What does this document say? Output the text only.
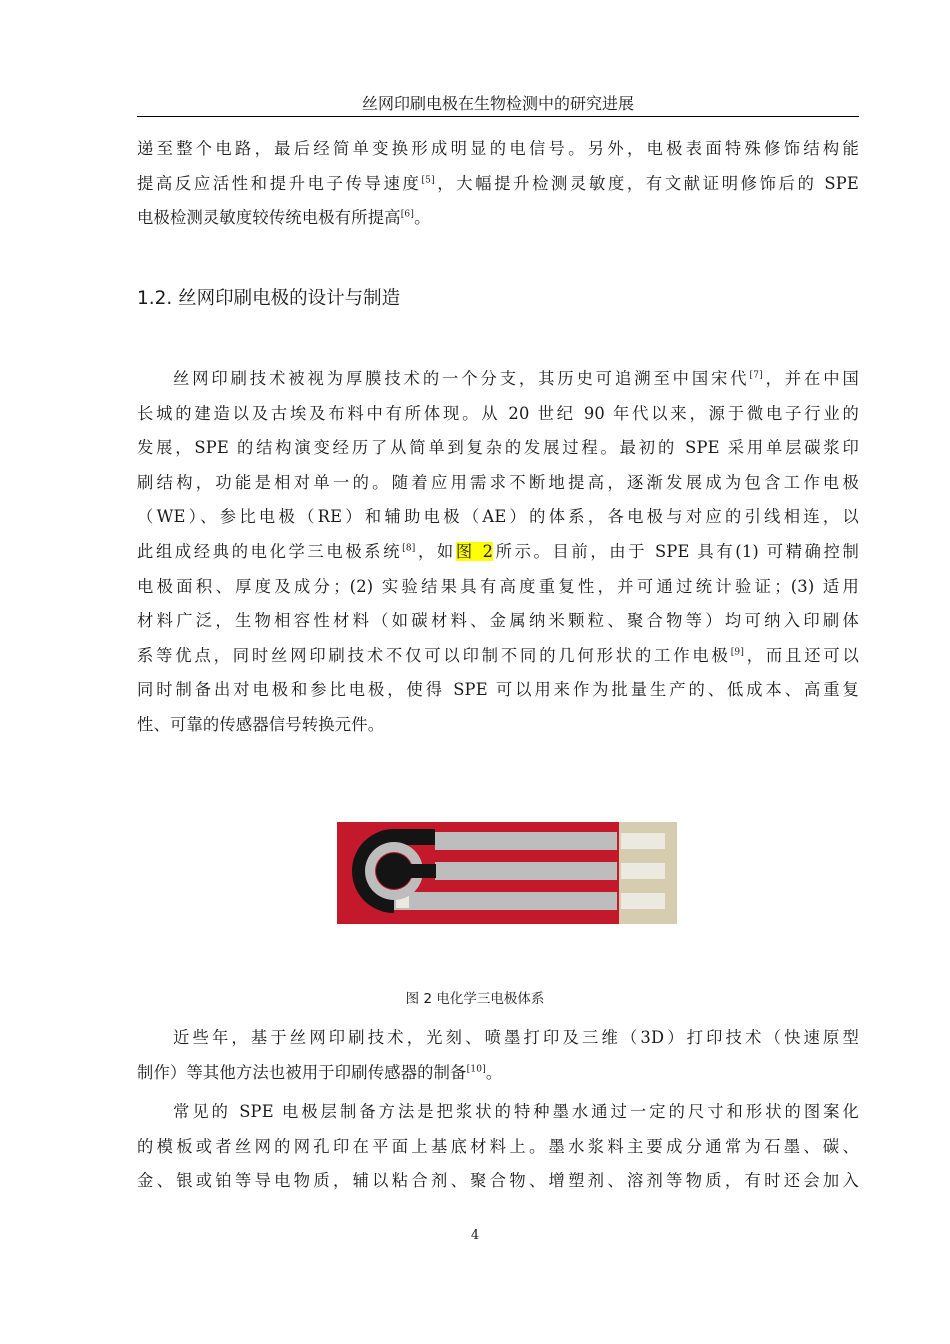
丝网印刷电极在生物检测中的研究进展
递至整个电路，最后经简单变换形成明显的电信号。另外，电极表面特殊修饰结构能
提高反应活性和提升电子传导速度[5]，大幅提升检测灵敏度，有文献证明修饰后的 SPE
电极检测灵敏度较传统电极有所提高[6]。
1.2. 丝网印刷电极的设计与制造
丝网印刷技术被视为厚膜技术的一个分支，其历史可追溯至中国宋代[7]，并在中国
长城的建造以及古埃及布料中有所体现。从 20 世纪 90 年代以来，源于微电子行业的
发展，SPE 的结构演变经历了从简单到复杂的发展过程。最初的 SPE 采用单层碳浆印
刷结构，功能是相对单一的。随着应用需求不断地提高，逐渐发展成为包含工作电极
（WE）、参比电极（RE）和辅助电极（AE）的体系，各电极与对应的引线相连，以
此组成经典的电化学三电极系统[8]，如图 2所示。目前，由于 SPE 具有(1) 可精确控制
电极面积、厚度及成分；(2) 实验结果具有高度重复性，并可通过统计验证；(3) 适用
材料广泛，生物相容性材料（如碳材料、金属纳米颗粒、聚合物等）均可纳入印刷体
系等优点，同时丝网印刷技术不仅可以印制不同的几何形状的工作电极[9]，而且还可以
同时制备出对电极和参比电极，使得 SPE 可以用来作为批量生产的、低成本、高重复
性、可靠的传感器信号转换元件。
图 2 电化学三电极体系
近些年，基于丝网印刷技术，光刻、喷墨打印及三维（3D）打印技术（快速原型
制作）等其他方法也被用于印刷传感器的制备[10]。
常见的 SPE 电极层制备方法是把浆状的特种墨水通过一定的尺寸和形状的图案化
的模板或者丝网的网孔印在平面上基底材料上。墨水浆料主要成分通常为石墨、碳、
金、银或铂等导电物质，辅以粘合剂、聚合物、增塑剂、溶剂等物质，有时还会加入
4
